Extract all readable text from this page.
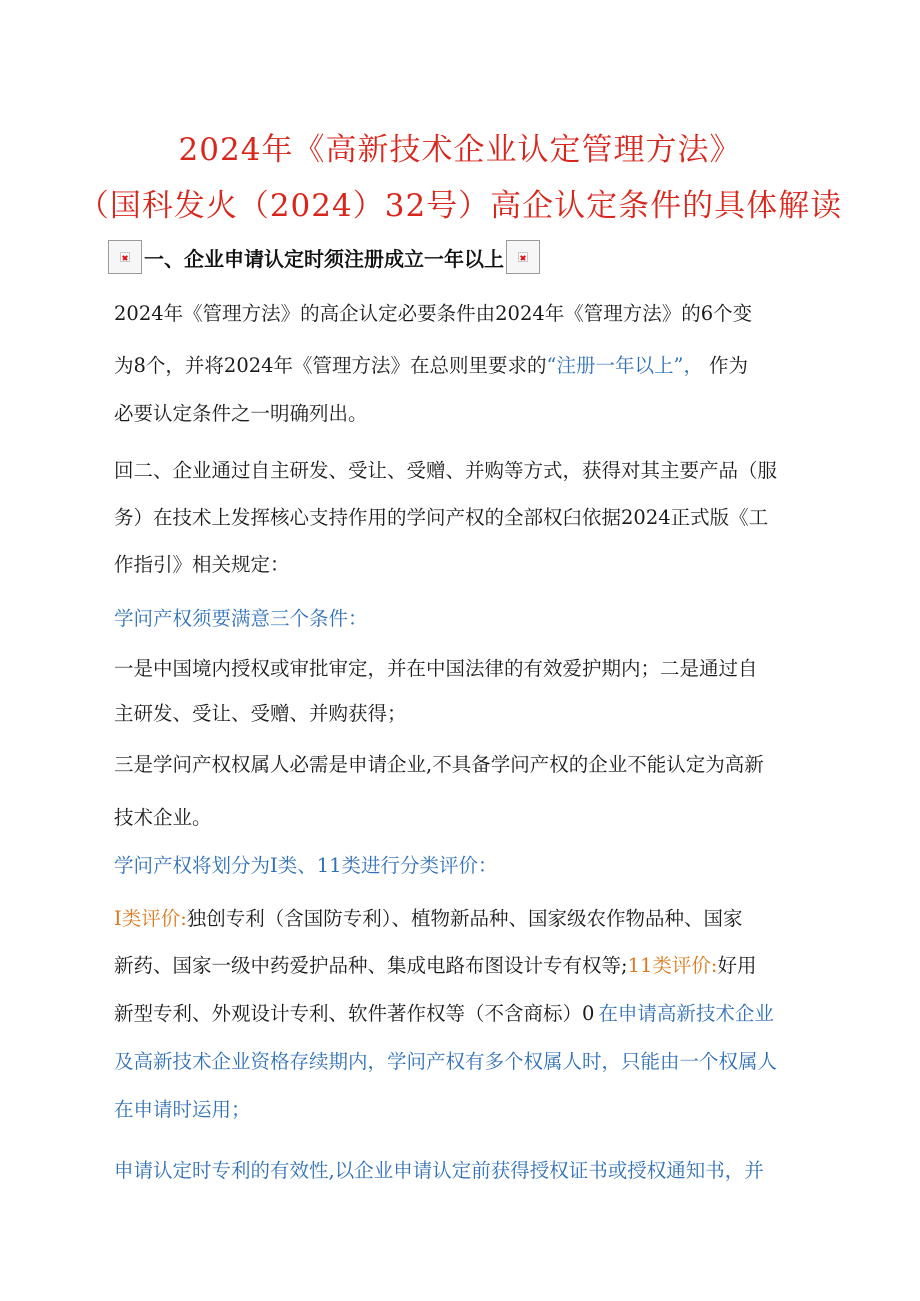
2024年《高新技术企业认定管理方法》
（国科发火（2024）32号）高企认定条件的具体解读
一、企业申请认定时须注册成立一年以上
2024年《管理方法》的高企认定必要条件由2024年《管理方法》的6个变
为8个，并将2024年《管理方法》在总则里要求的“注册一年以上”， 作为
必要认定条件之一明确列出。
回二、企业通过自主研发、受让、受赠、并购等方式，获得对其主要产品（服
务）在技术上发挥核心支持作用的学问产权的全部权臼依据2024正式版《工
作指引》相关规定：
学问产权须要满意三个条件：
一是中国境内授权或审批审定，并在中国法律的有效爱护期内；二是通过自
主研发、受让、受赠、并购获得；
三是学问产权权属人必需是申请企业,不具备学问产权的企业不能认定为高新
技术企业。
学问产权将划分为Ⅰ类、11类进行分类评价：
Ⅰ类评价:独创专利（含国防专利）、植物新品种、国家级农作物品种、国家
新药、国家一级中药爱护品种、集成电路布图设计专有权等;11类评价:好用
新型专利、外观设计专利、软件著作权等（不含商标）0 在申请高新技术企业
及高新技术企业资格存续期内，学问产权有多个权属人时，只能由一个权属人
在申请时运用；
申请认定时专利的有效性,以企业申请认定前获得授权证书或授权通知书，并
